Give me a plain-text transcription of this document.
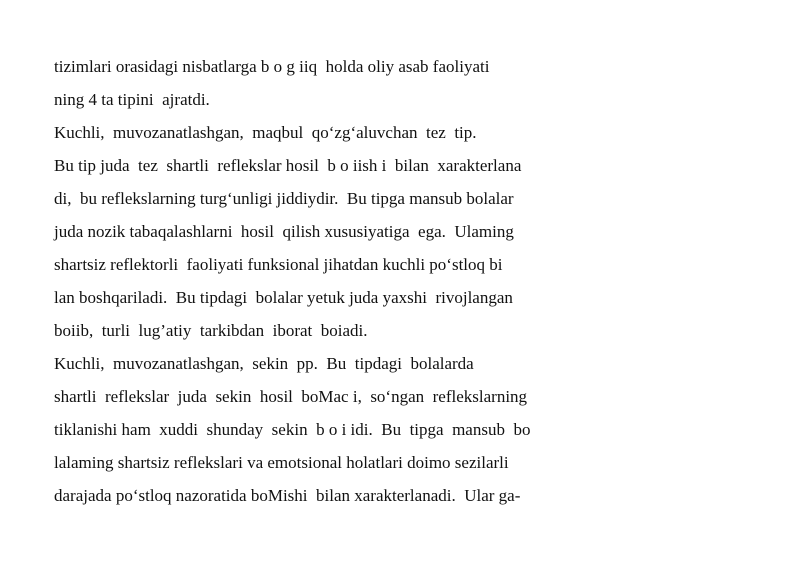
tizimlari orasidagi nisbatlarga b o g iiq  holda oliy asab faoliyati
ning 4 ta tipini  ajratdi.
Kuchli,  muvozanatlashgan,  maqbul  qo‘zg‘aluvchan  tez  tip.
Bu tip juda  tez  shartli  reflekslar hosil  b o iish i  bilan  xarakterlana
di,  bu reflekslarning turg‘unligi jiddiydir.  Bu tipga mansub bolalar
juda nozik tabaqalashlarni  hosil  qilish xususiyatiga  ega.  Ulaming
shartsiz reflektorli  faoliyati funksional jihatdan kuchli po‘stloq bi
lan boshqariladi.  Bu tipdagi  bolalar yetuk juda yaxshi  rivojlangan
boiib,  turli  lug’atiy  tarkibdan  iborat  boiadi.
Kuchli,  muvozanatlashgan,  sekin  pp.  Bu  tipdagi  bolalarda
shartli  reflekslar  juda  sekin  hosil  boMac i,  so‘ngan  reflekslarning
tiklanishi ham  xuddi  shunday  sekin  b o i idi.  Bu  tipga  mansub  bo
lalaming shartsiz reflekslari va emotsional holatlari doimo sezilarli
darajada po‘stloq nazoratida boMishi  bilan xarakterlanadi.  Ular ga-
